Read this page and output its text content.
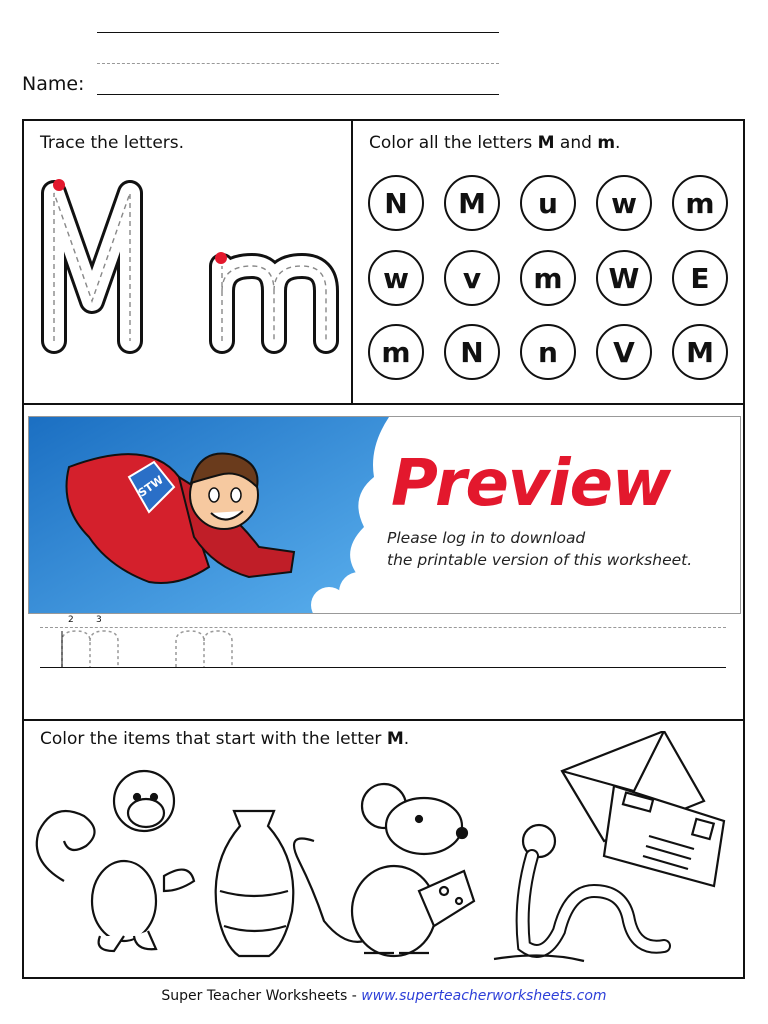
Name:
Trace the letters.	Color all the letters M and m.
N M u w m
w v m W E
m N n V M
Preview
Please log in to download
the printable version of this worksheet.
STW
2 3
Color the items that start with the letter M.
Super Teacher Worksheets - www.superteacherworksheets.com
